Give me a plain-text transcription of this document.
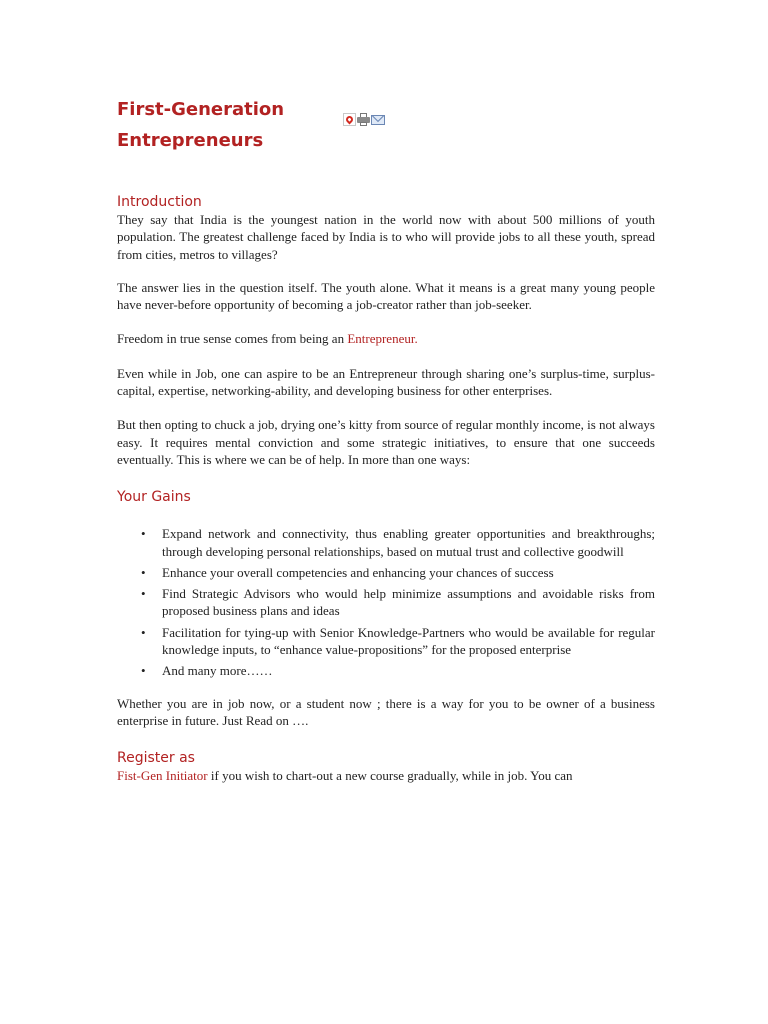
First-Generation
Entrepreneurs
Introduction

They say that India is the youngest nation in the world now with about 500 millions of youth population. The greatest challenge faced by India is to who will provide jobs to all these youth, spread from cities, metros to villages?

The answer lies in the question itself. The youth alone. What it means is a great many young people have never-before opportunity of becoming a job-creator rather than job-seeker.

Freedom in true sense comes from being an Entrepreneur.

Even while in Job, one can aspire to be an Entrepreneur through sharing one’s surplus-time, surplus-capital, expertise, networking-ability, and developing business for other enterprises.

But then opting to chuck a job, drying one’s kitty from source of regular monthly income, is not always easy. It requires mental conviction and some strategic initiatives, to ensure that one succeeds eventually. This is where we can be of help. In more than one ways:

Your Gains
• Expand network and connectivity, thus enabling greater opportunities and breakthroughs; through developing personal relationships, based on mutual trust and collective goodwill
• Enhance your overall competencies and enhancing your chances of success
• Find Strategic Advisors who would help minimize assumptions and avoidable risks from proposed business plans and ideas
• Facilitation for tying-up with Senior Knowledge-Partners who would be available for regular knowledge inputs, to “enhance value-propositions” for the proposed enterprise
• And many more……

Whether you are in job now, or a student now ; there is a way for you to be owner of a business enterprise in future. Just Read on ….

Register as

Fist-Gen Initiator if you wish to chart-out a new course gradually, while in job. You can
